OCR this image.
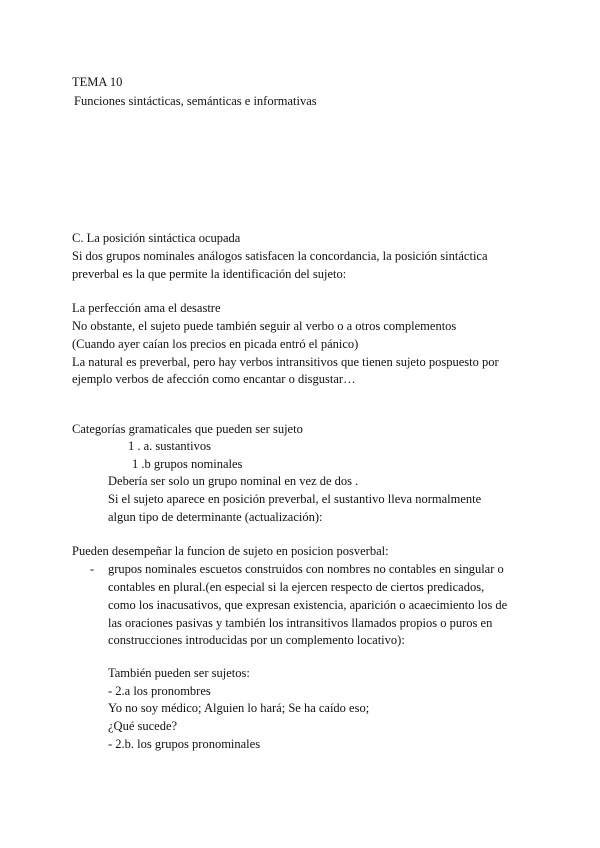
TEMA 10
Funciones sintácticas, semánticas e informativas
C. La posición sintáctica ocupada
Si dos grupos nominales análogos satisfacen la concordancia, la posición sintáctica
preverbal es la que permite la identificación del sujeto:
La perfección ama el desastre
No obstante, el sujeto puede también seguir al verbo o a otros complementos
(Cuando ayer caían los precios en picada entró el pánico)
La natural es preverbal, pero hay verbos intransitivos que tienen sujeto pospuesto por
ejemplo verbos de afección como encantar o disgustar…
Categorías gramaticales que pueden ser sujeto
1 . a. sustantivos
1 .b grupos nominales
Debería ser solo un grupo nominal en vez de dos .
Si el sujeto aparece en posición preverbal, el sustantivo lleva normalmente
algun tipo de determinante (actualización):
Pueden desempeñar la funcion de sujeto en posicion posverbal:
- grupos nominales escuetos construidos con nombres no contables en singular o
contables en plural.(en especial si la ejercen respecto de ciertos predicados,
como los inacusativos, que expresan existencia, aparición o acaecimiento los de
las oraciones pasivas y también los intransitivos llamados propios o puros en
construcciones introducidas por un complemento locativo):
También pueden ser sujetos:
- 2.a los pronombres
Yo no soy médico; Alguien lo hará; Se ha caído eso;
¿Qué sucede?
- 2.b. los grupos pronominales
